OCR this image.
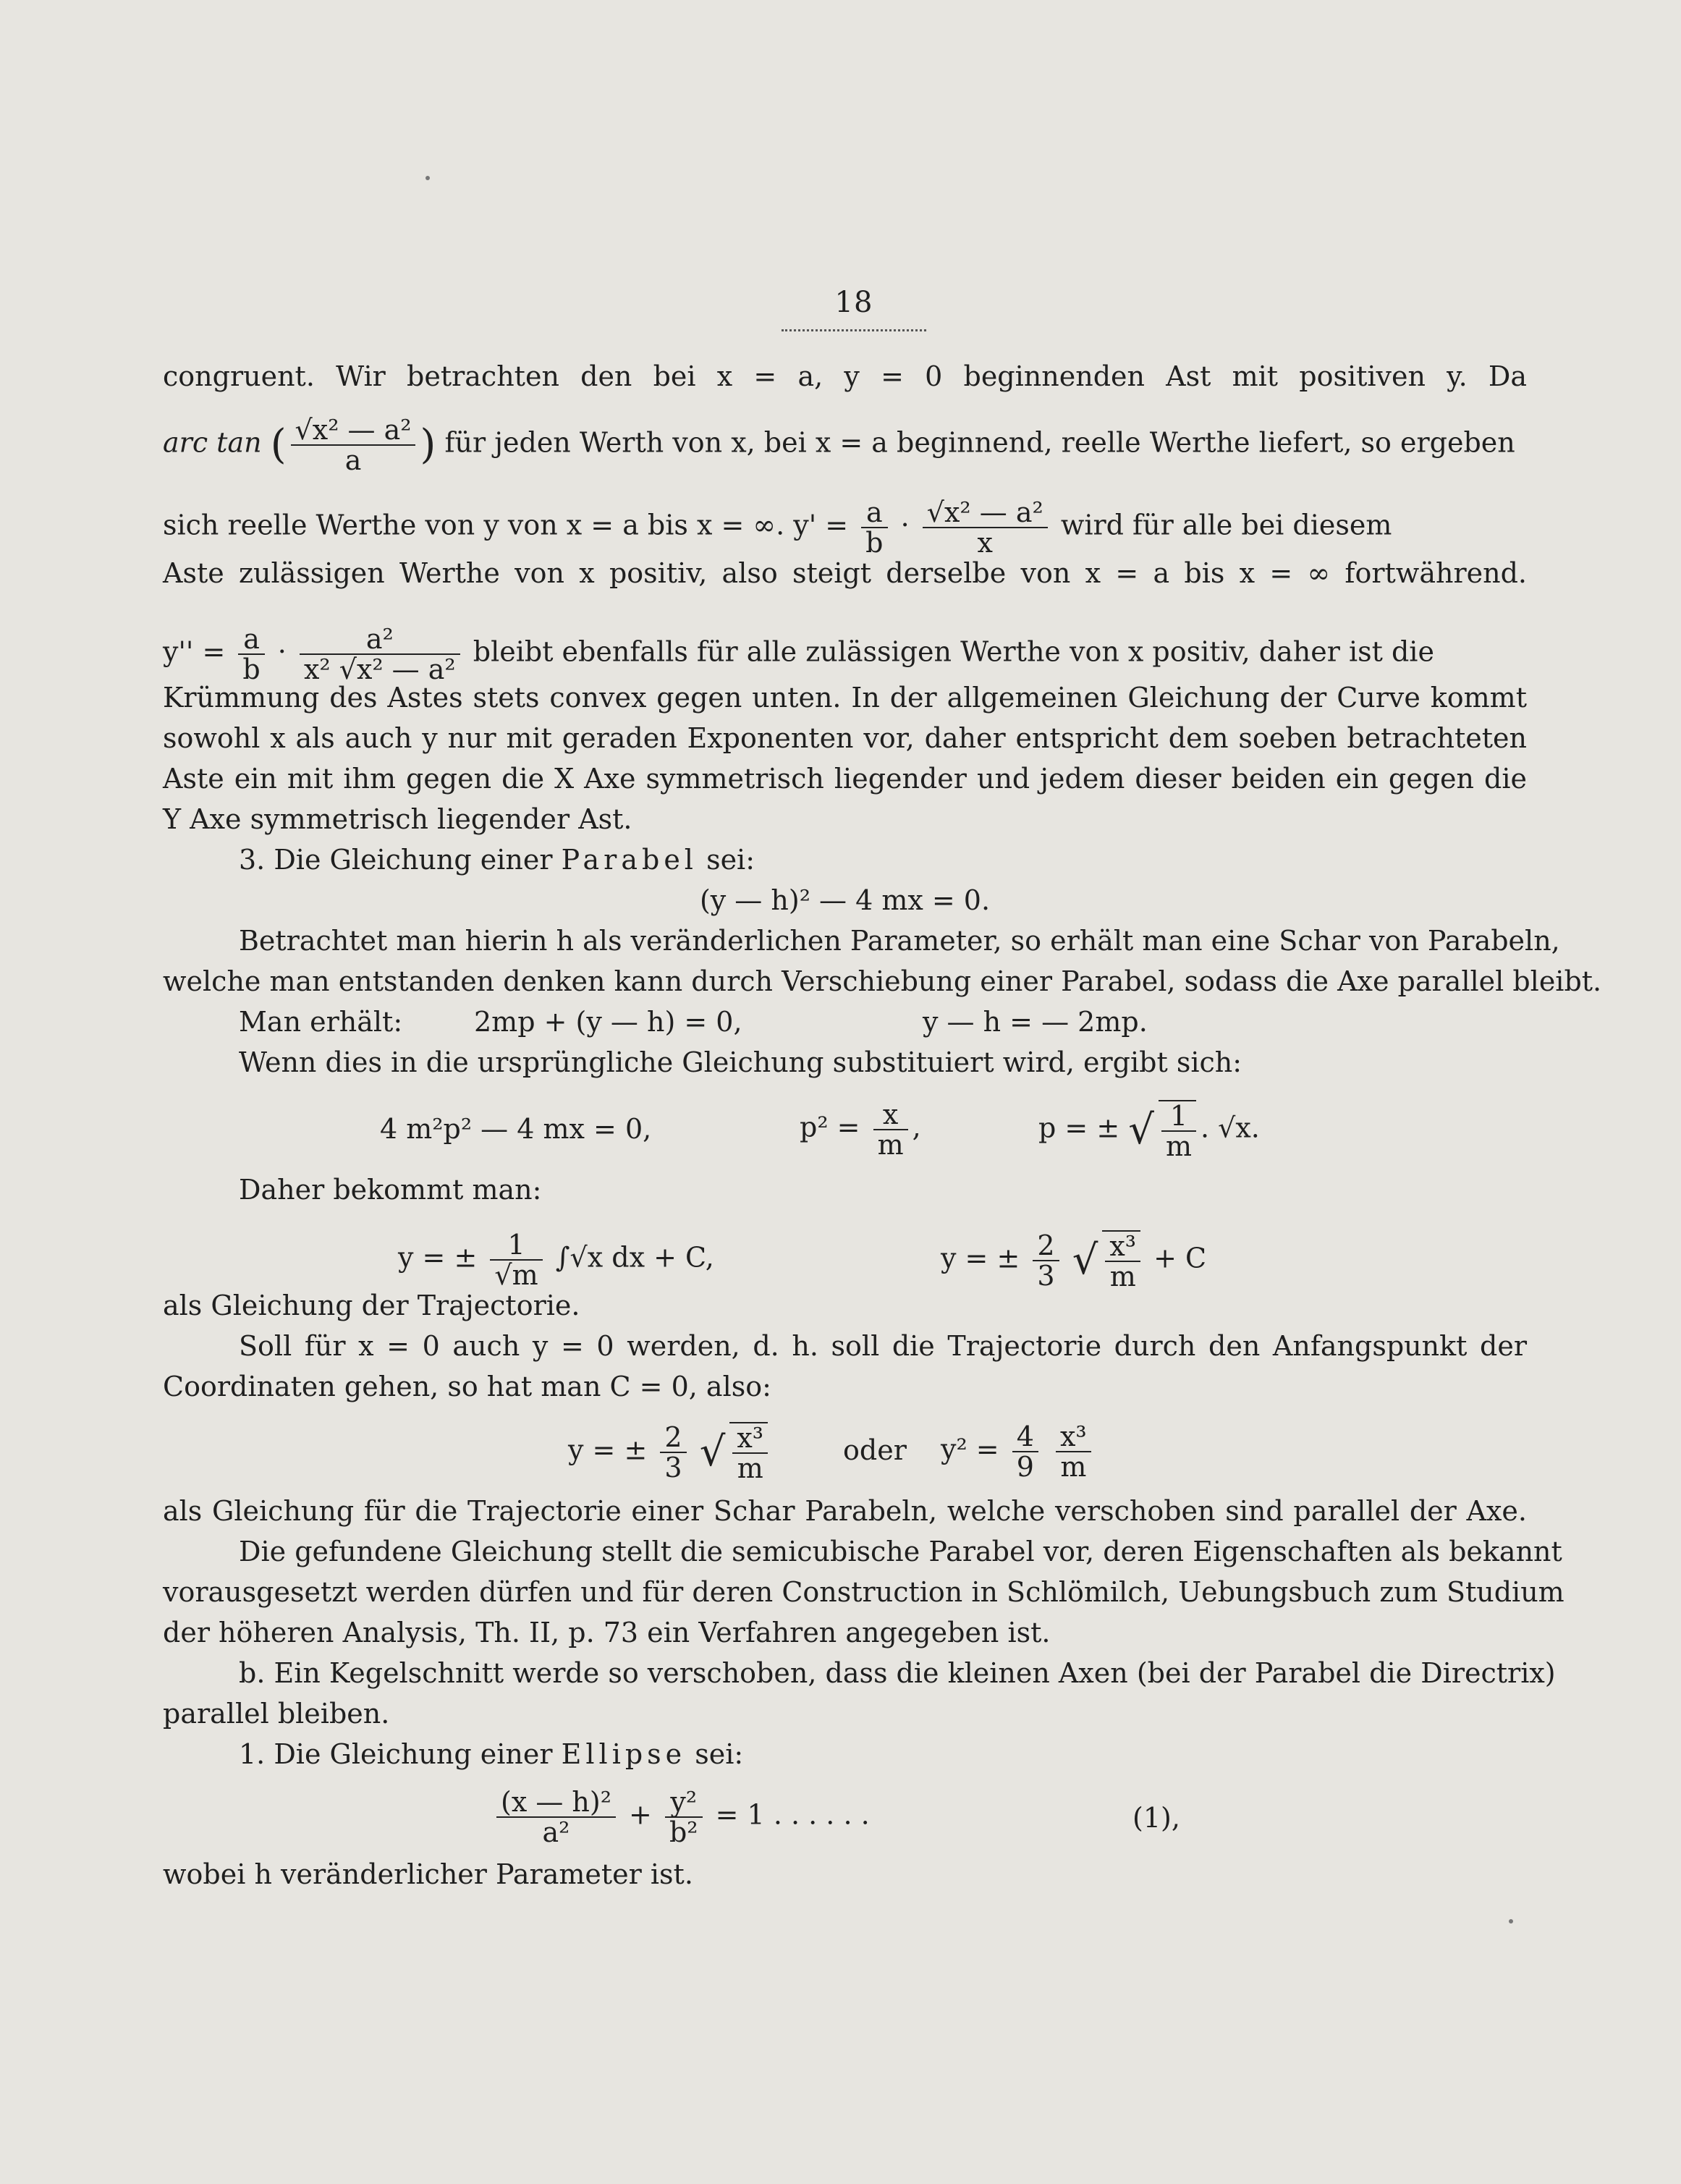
18
congruent. Wir betrachten den bei x = a, y = 0 beginnenden Ast mit positiven y. Da
arc tan ( $\frac{\text{√x² — a²}}{a}$ ) für jeden Werth von x, bei x = a beginnend, reelle Werthe liefert, so ergeben
sich reelle Werthe von y von x = a bis x = ∞. $y' = \frac{a}{b} \cdot \frac{\text{√x² — a²}}{x}$ wird für alle bei diesem
Aste zulässigen Werthe von x positiv, also steigt derselbe von x = a bis x = ∞ fortwährend.
$y'' = \frac{a}{b} \cdot \frac{\text{a²}}{\text{x² √x² — a²}}$ bleibt ebenfalls für alle zulässigen Werthe von x positiv, daher ist die
Krümmung des Astes stets convex gegen unten. In der allgemeinen Gleichung der Curve kommt
sowohl x als auch y nur mit geraden Exponenten vor, daher entspricht dem soeben betrachteten
Aste ein mit ihm gegen die X Axe symmetrisch liegender und jedem dieser beiden ein gegen die
Y Axe symmetrisch liegender Ast.
3. Die Gleichung einer Parabel sei:
(y — h)² — 4 mx = 0.
Betrachtet man hierin h als veränderlichen Parameter, so erhält man eine Schar von Parabeln,
welche man entstanden denken kann durch Verschiebung einer Parabel, sodass die Axe parallel bleibt.
Man erhält:	2mp + (y — h) = 0,	y — h = — 2mp.
Wenn dies in die ursprüngliche Gleichung substituiert wird, ergibt sich:
4 m²p² — 4 mx = 0,	$p^2 = \frac{x}{m}$ ,	p = ± √ $\frac{1}{m}$ . √x.
Daher bekommt man:
y = ± $\frac{1}{√m} \int√x$ dx + C,	y = ± $\frac{2}{3}$ √ $\frac{\text{x³}}{m} + C$
als Gleichung der Trajectorie.
Soll für x = 0 auch y = 0 werden, d. h. soll die Trajectorie durch den Anfangspunkt der
Coordinaten gehen, so hat man C = 0, also:
y = ± $\frac{2}{3}$ √ $\frac{\text{x³}}{m}$	oder $y^2 = \frac{4}{9}$
$\frac{\text{x³}}{m}$
als Gleichung für die Trajectorie einer Schar Parabeln, welche verschoben sind parallel der Axe.
Die gefundene Gleichung stellt die semicubische Parabel vor, deren Eigenschaften als bekannt
vorausgesetzt werden dürfen und für deren Construction in Schlömilch, Uebungsbuch zum Studium
der höheren Analysis, Th. II, p. 73 ein Verfahren angegeben ist.
b. Ein Kegelschnitt werde so verschoben, dass die kleinen Axen (bei der Parabel die Directrix)
parallel bleiben.
1. Die Gleichung einer Ellipse sei:
$\frac{\text{(x — h)²}}{\text{a²}} + \frac{\text{y²}}{\text{b²}} = 1$ . . . . . .	(1),
wobei h veränderlicher Parameter ist.
